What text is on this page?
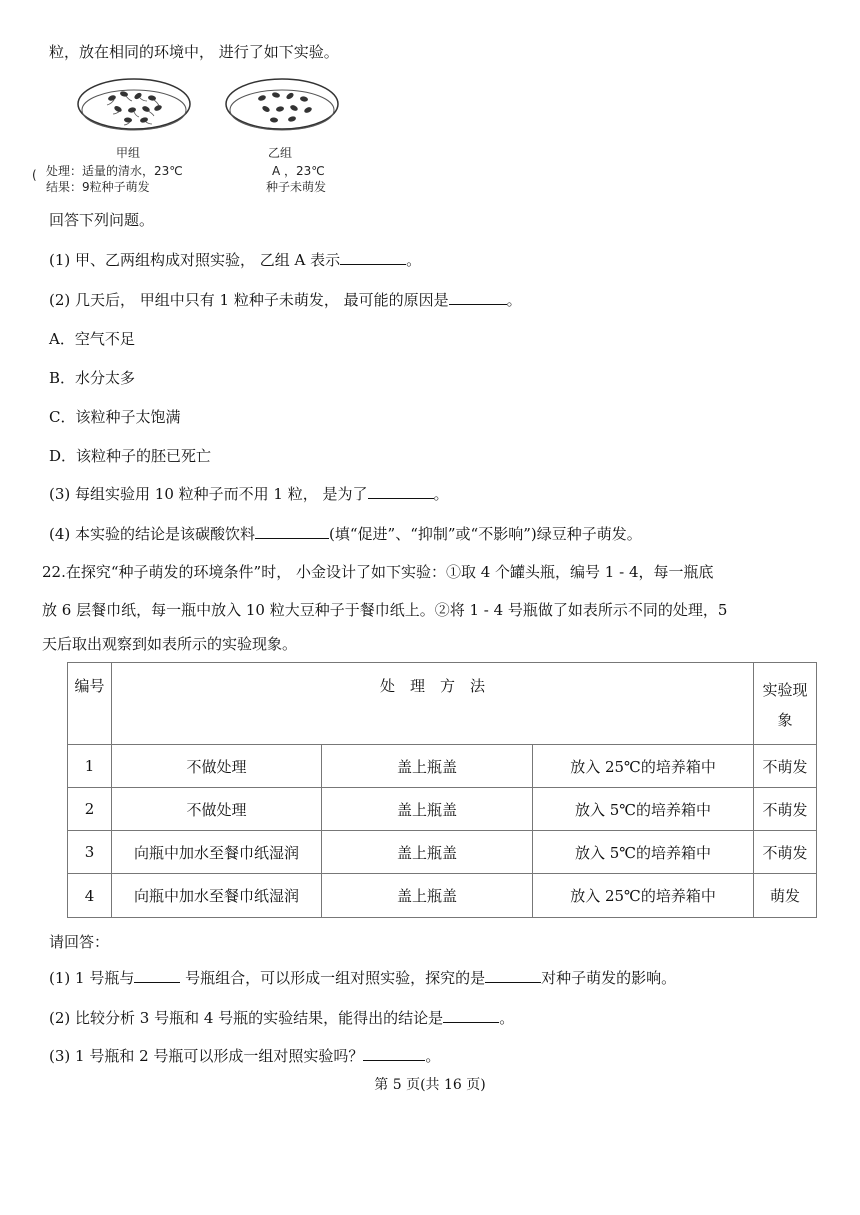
粒，放在相同的环境中， 进行了如下实验。
甲组
( 处理：适量的清水，23℃
结果：9粒种子萌发
乙组
A ，23℃
种子未萌发
回答下列问题。
(1) 甲、乙两组构成对照实验， 乙组 A 表示	。
(2) 几天后， 甲组中只有 1 粒种子未萌发， 最可能的原因是	。
A．空气不足
B．水分太多
C．该粒种子太饱满
D．该粒种子的胚已死亡
(3) 每组实验用 10 粒种子而不用 1 粒， 是为了	。
(4) 本实验的结论是该碳酸饮料	(填“促进”、“抑制”或“不影响”)绿豆种子萌发。
22.在探究“种子萌发的环境条件”时， 小金设计了如下实验：①取 4 个罐头瓶，编号 1 - 4，每一瓶底
放 6 层餐巾纸，每一瓶中放入 10 粒大豆种子于餐巾纸上。②将 1 - 4 号瓶做了如表所示不同的处理，5
天后取出观察到如表所示的实验现象。
编号	处　理　方　法			实验现
象
1	不做处理	盖上瓶盖	放入 25℃的培养箱中	不萌发
2	不做处理	盖上瓶盖	放入 5℃的培养箱中	不萌发
3	向瓶中加水至餐巾纸湿润	盖上瓶盖	放入 5℃的培养箱中	不萌发
4	向瓶中加水至餐巾纸湿润	盖上瓶盖	放入 25℃的培养箱中	萌发
请回答：
(1) 1 号瓶与	号瓶组合，可以形成一组对照实验，探究的是	对种子萌发的影响。
(2) 比较分析 3 号瓶和 4 号瓶的实验结果，能得出的结论是	。
(3) 1 号瓶和 2 号瓶可以形成一组对照实验吗？	。
第 5 页(共 16 页)
